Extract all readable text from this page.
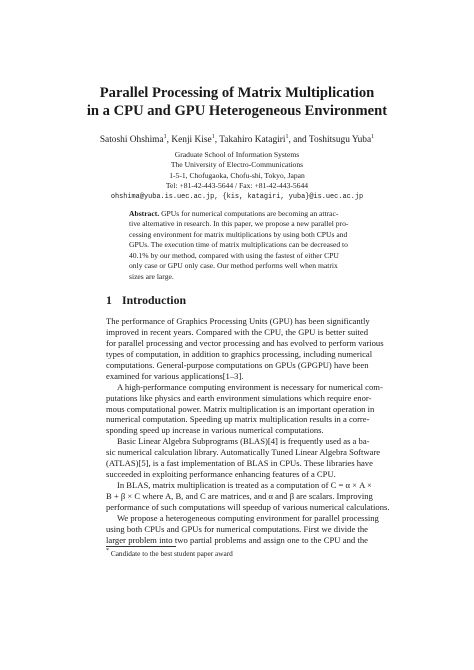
Parallel Processing of Matrix Multiplication
in a CPU and GPU Heterogeneous Environment
Satoshi Ohshima$^1$, Kenji Kise$^1$, Takahiro Katagiri$^1$, and Toshitsugu Yuba$^1$
Graduate School of Information Systems
The University of Electro-Communications
1-5-1, Chofugaoka, Chofu-shi, Tokyo, Japan
Tel: +81-42-443-5644 / Fax: +81-42-443-5644
ohshima@yuba.is.uec.ac.jp, {kis, katagiri, yuba}@is.uec.ac.jp
Abstract. GPUs for numerical computations are becoming an attrac-
tive alternative in research. In this paper, we propose a new parallel pro-
cessing environment for matrix multiplications by using both CPUs and
GPUs. The execution time of matrix multiplications can be decreased to
40.1% by our method, compared with using the fastest of either CPU
only case or GPU only case. Our method performs well when matrix
sizes are large.
1 Introduction
The performance of Graphics Processing Units (GPU) has been significantly
improved in recent years. Compared with the CPU, the GPU is better suited
for parallel processing and vector processing and has evolved to perform various
types of computation, in addition to graphics processing, including numerical
computations. General-purpose computations on GPUs (GPGPU) have been
examined for various applications[1–3].
A high-performance computing environment is necessary for numerical com-
putations like physics and earth environment simulations which require enor-
mous computational power. Matrix multiplication is an important operation in
numerical computation. Speeding up matrix multiplication results in a corre-
sponding speed up increase in various numerical computations.
Basic Linear Algebra Subprograms (BLAS)[4] is frequently used as a ba-
sic numerical calculation library. Automatically Tuned Linear Algebra Software
(ATLAS)[5], is a fast implementation of BLAS in CPUs. These libraries have
succeeded in exploiting performance enhancing features of a CPU.
In BLAS, matrix multiplication is treated as a computation of C = α × A ×
B + β × C where A, B, and C are matrices, and α and β are scalars. Improving
performance of such computations will speedup of various numerical calculations.
We propose a heterogeneous computing environment for parallel processing
using both CPUs and GPUs for numerical computations. First we divide the
larger problem into two partial problems and assign one to the CPU and the
* Candidate to the best student paper award
